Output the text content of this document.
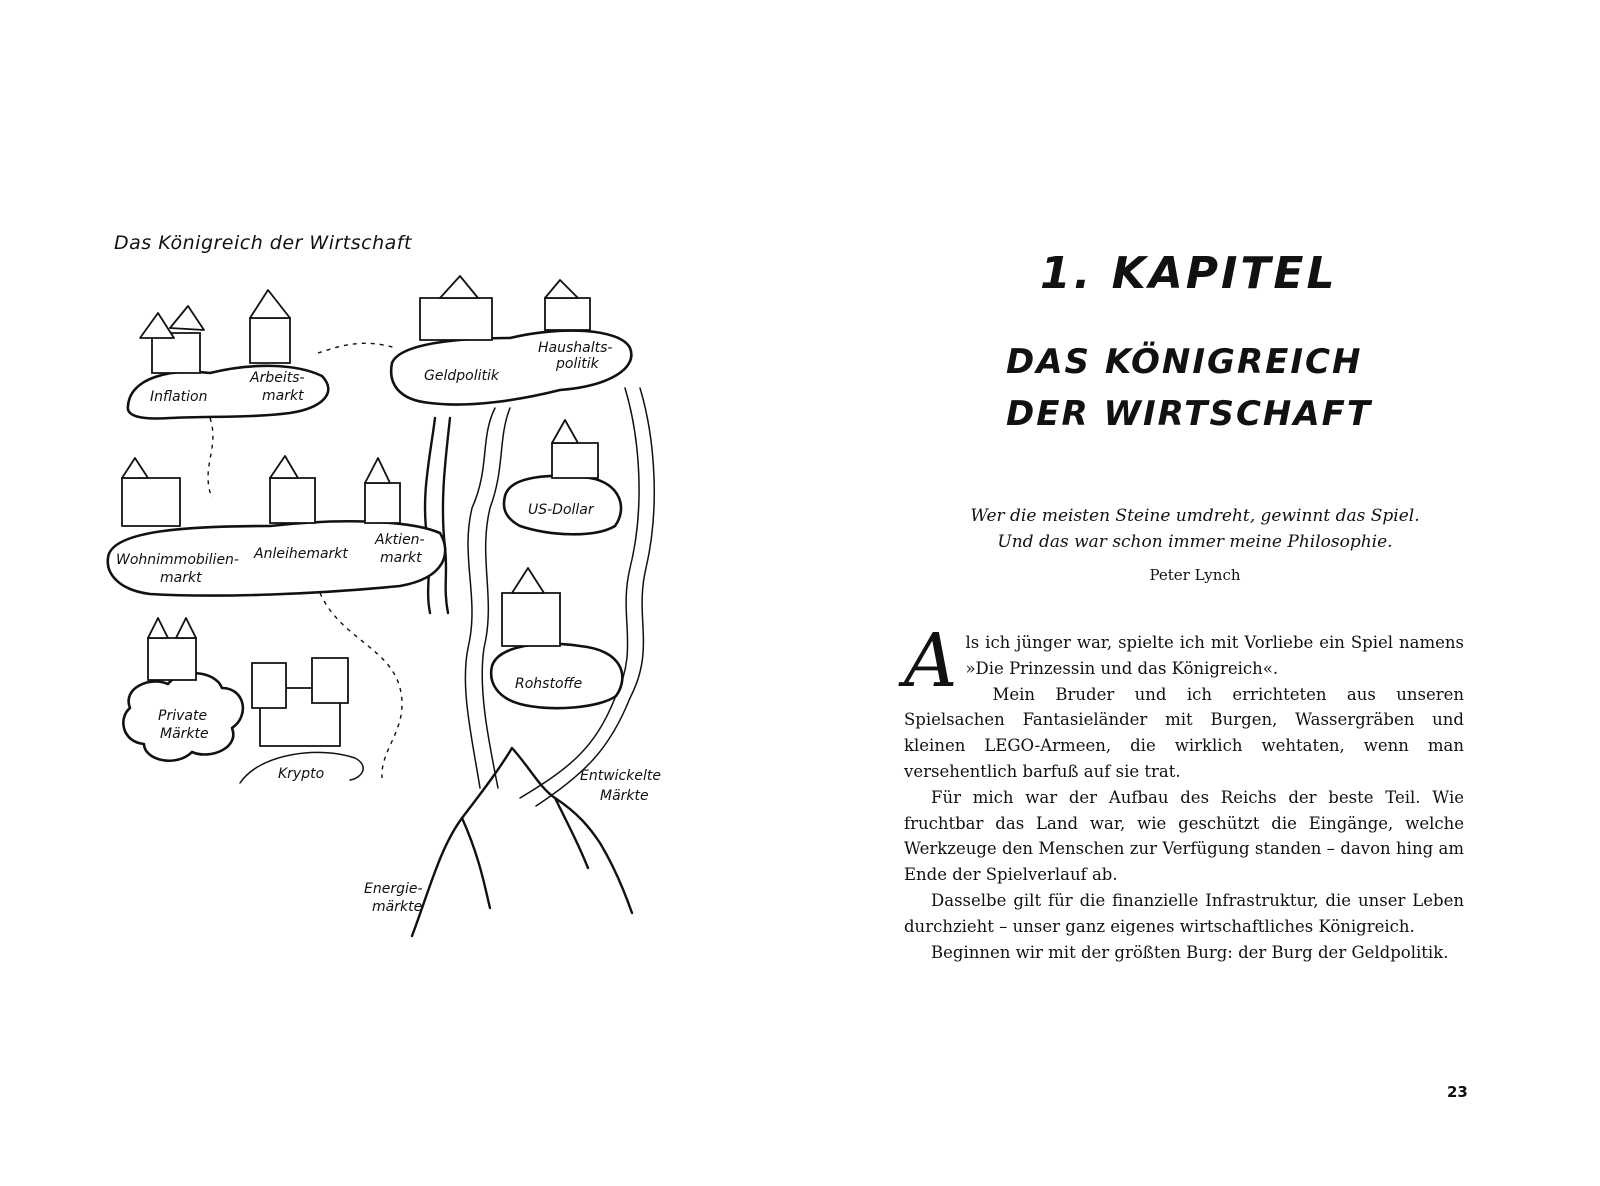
Das Königreich der Wirtschaft
Inflation
Arbeits-
markt
Geldpolitik
Haushalts-
politik
Wohnimmobilien-
markt
Anleihemarkt
Aktien-
markt
US-Dollar
Rohstoffe
Private
Märkte
Krypto	Entwickelte
Märkte
Energie-
märkte
1. KAPITEL
DAS KÖNIGREICH
DER WIRTSCHAFT
Wer die meisten Steine umdreht, gewinnt das Spiel.
Und das war schon immer meine Philosophie.
Peter Lynch

Als ich jünger war, spielte ich mit Vorliebe ein Spiel namens »Die Prinzessin und das Königreich«.

Mein Bruder und ich errichteten aus unseren Spielsachen Fantasieländer mit Burgen, Wassergräben und kleinen LEGO-Armeen, die wirklich wehtaten, wenn man versehentlich barfuß auf sie trat.

Für mich war der Aufbau des Reichs der beste Teil. Wie fruchtbar das Land war, wie geschützt die Eingänge, welche Werkzeuge den Menschen zur Verfügung standen – davon hing am Ende der Spielverlauf ab.

Dasselbe gilt für die finanzielle Infrastruktur, die unser Leben durchzieht – unser ganz eigenes wirtschaftliches Königreich.

Beginnen wir mit der größten Burg: der Burg der Geldpolitik.

23
